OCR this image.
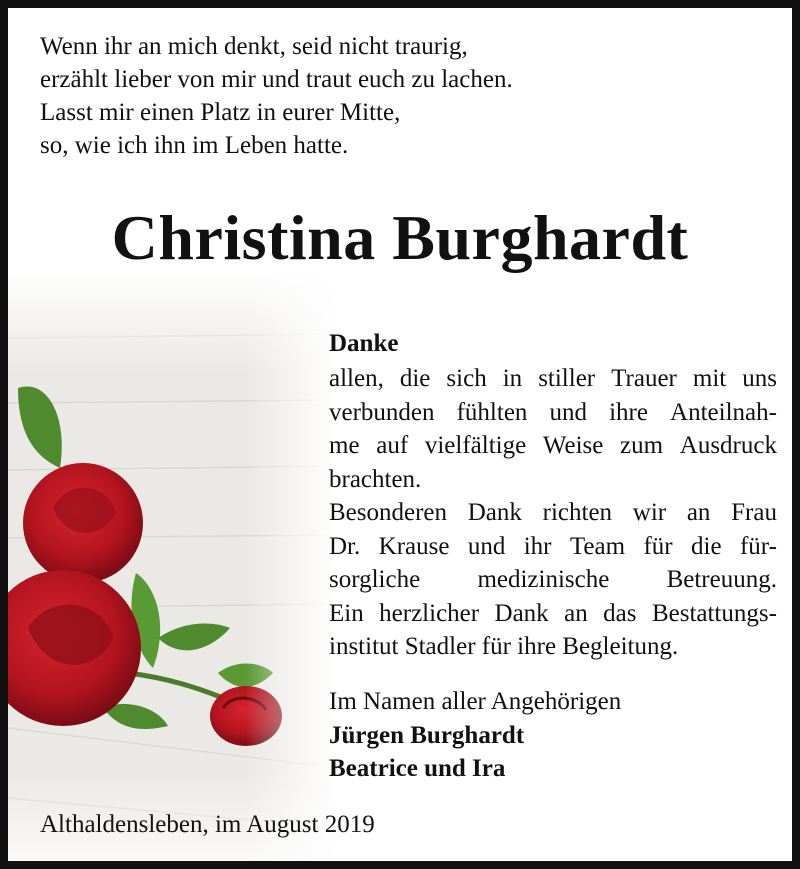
Wenn ihr an mich denkt, seid nicht traurig,
erzählt lieber von mir und traut euch zu lachen.
Lasst mir einen Platz in eurer Mitte,
so, wie ich ihn im Leben hatte.
Christina Burghardt
Danke
allen, die sich in stiller Trauer mit uns
verbunden fühlten und ihre Anteilnah-
me auf vielfältige Weise zum Ausdruck
brachten.
Besonderen Dank richten wir an Frau
Dr. Krause und ihr Team für die für-
sorgliche medizinische Betreuung.
Ein herzlicher Dank an das Bestattungs-
institut Stadler für ihre Begleitung.
Im Namen aller Angehörigen
Jürgen Burghardt
Beatrice und Ira
Althaldensleben, im August 2019
